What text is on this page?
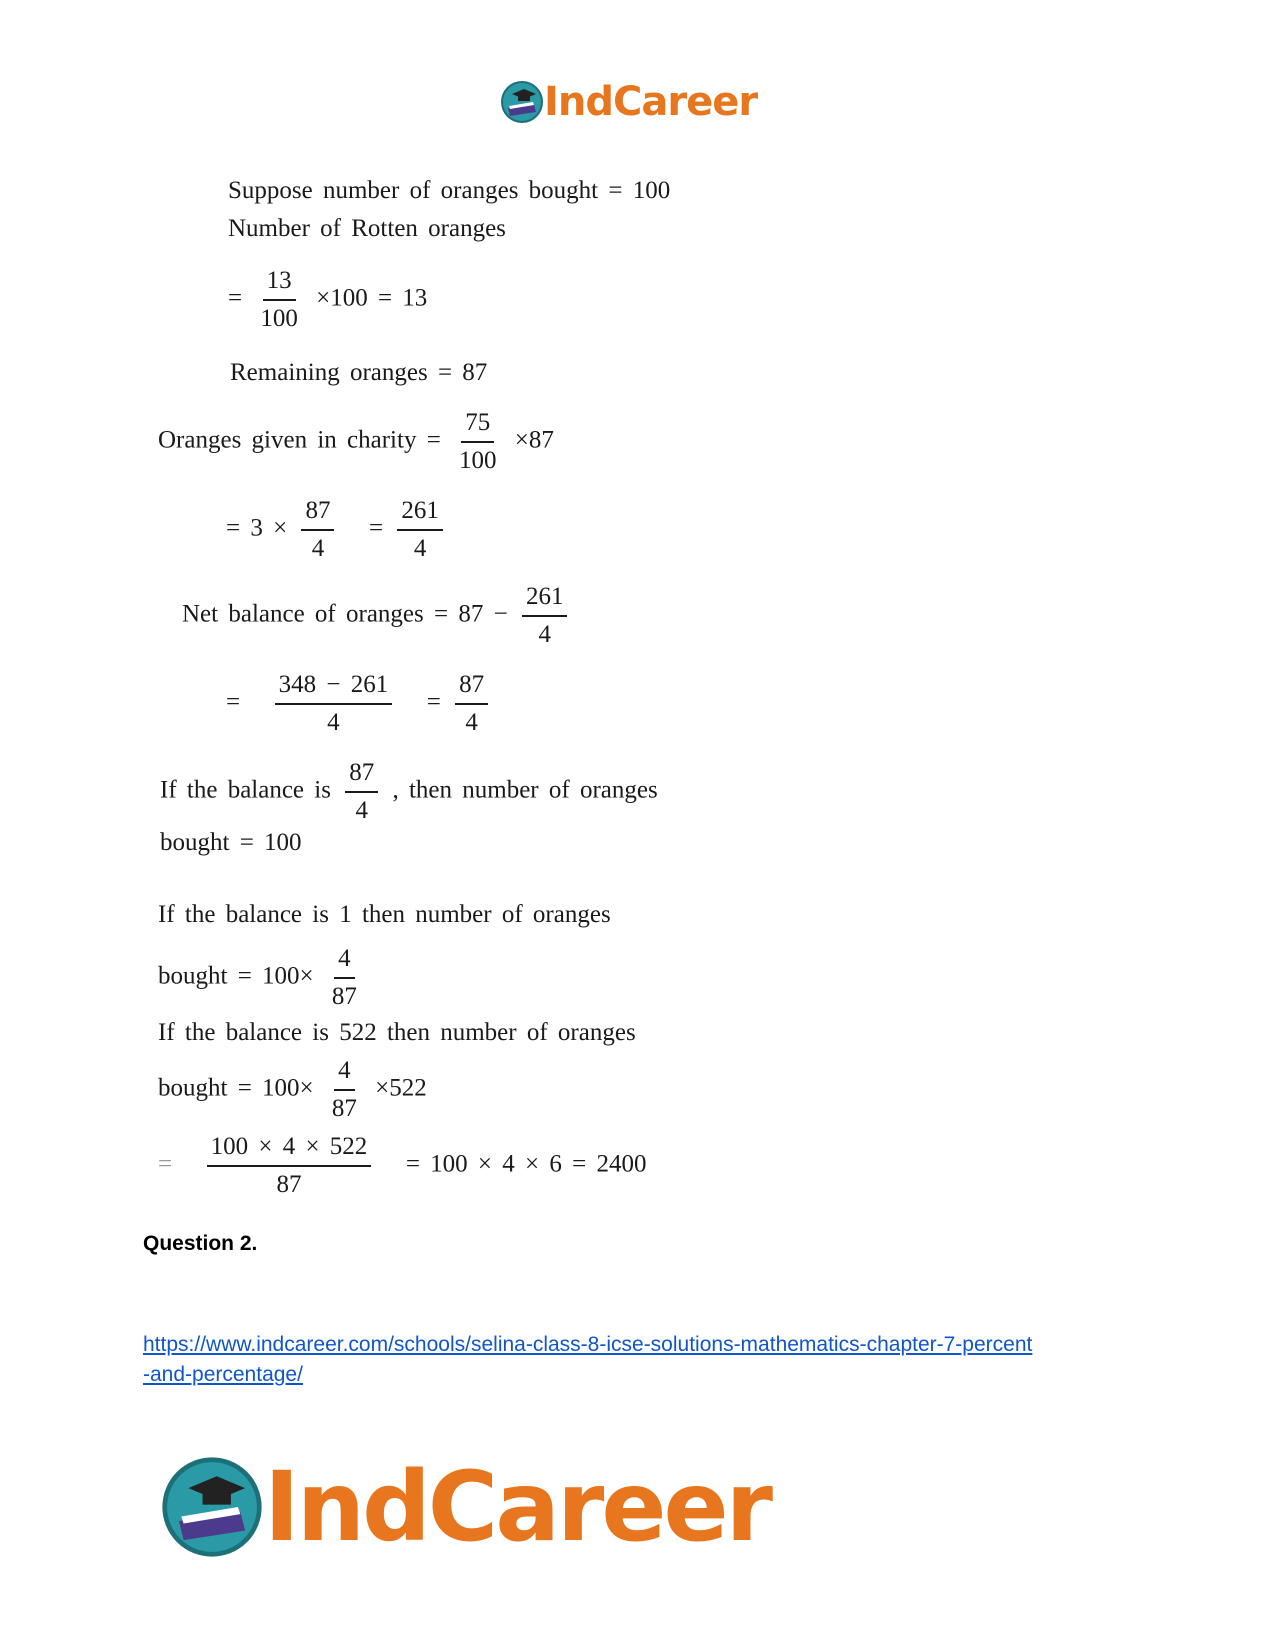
IndCareer
Suppose number of oranges bought = 100
Number of Rotten oranges
= $\frac{13}{100} \times 100 = 13$
Remaining oranges = 87
Oranges given in charity = $\frac{75}{100} \times 87$
= $3 \times \frac{87}{4} = \frac{261}{4}$
Net balance of oranges = $87 - \frac{261}{4}$
= $\frac{348 - 261}{4} = \frac{87}{4}$
If the balance is $\frac{87}{4}$ , then number of oranges
bought = 100
If the balance is 1 then number of oranges
bought = $100\times \frac{4}{87}$
If the balance is 522 then number of oranges
bought = $100\times \frac{4}{87} \times 522$
= $\frac{100 \times 4 \times 522}{87} = 100 \times 4 \times 6 = 2400$
Question 2.
https://www.indcareer.com/schools/selina-class-8-icse-solutions-mathematics-chapter-7-percent
-and-percentage/
IndCareer
